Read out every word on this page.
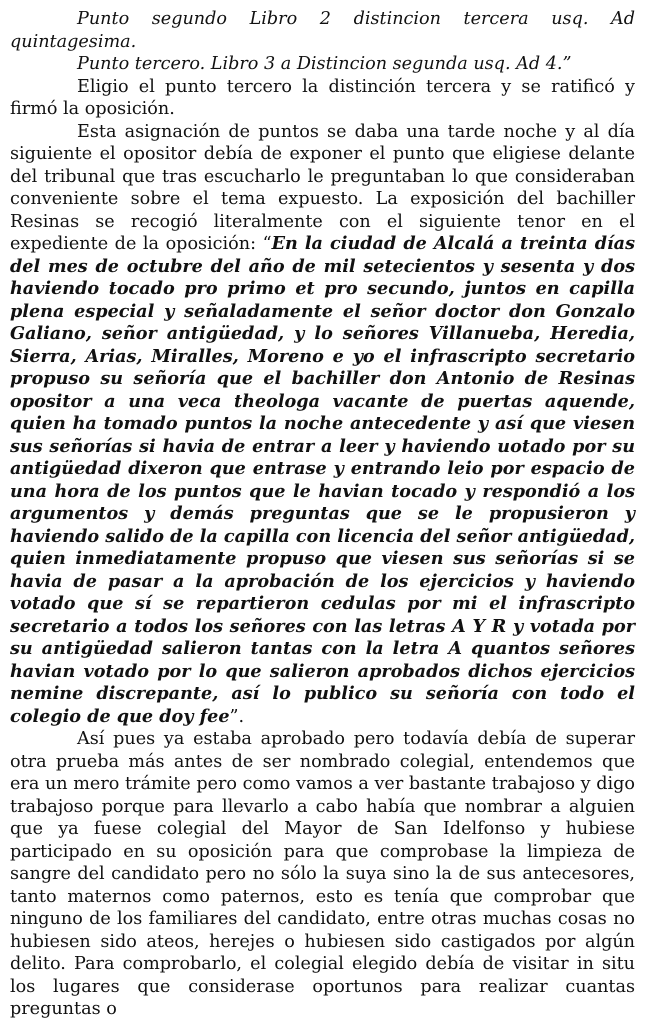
Punto segundo Libro 2 distincion tercera usq. Ad quintagesima.

Punto tercero. Libro 3 a Distincion segunda usq. Ad 4.”

Eligio el punto tercero la distinción tercera y se ratificó y firmó la oposición.

Esta asignación de puntos se daba una tarde noche y al día siguiente el opositor debía de exponer el punto que eligiese delante del tribunal que tras escucharlo le preguntaban lo que consideraban conveniente sobre el tema expuesto. La exposición del bachiller Resinas se recogió literalmente con el siguiente tenor en el expediente de la oposición: “En la ciudad de Alcalá a treinta días del mes de octubre del año de mil setecientos y sesenta y dos haviendo tocado pro primo et pro secundo, juntos en capilla plena especial y señaladamente el señor doctor don Gonzalo Galiano, señor antigüedad, y lo señores Villanueba, Heredia, Sierra, Arias, Miralles, Moreno e yo el infrascripto secretario propuso su señoría que el bachiller don Antonio de Resinas opositor a una veca theologa vacante de puertas aquende, quien ha tomado puntos la noche antecedente y así que viesen sus señorías si havia de entrar a leer y haviendo uotado por su antigüedad dixeron que entrase y entrando leio por espacio de una hora de los puntos que le havian tocado y respondió a los argumentos y demás preguntas que se le propusieron y haviendo salido de la capilla con licencia del señor antigüedad, quien inmediatamente propuso que viesen sus señorías si se havia de pasar a la aprobación de los ejercicios y haviendo votado que sí se repartieron cedulas por mi el infrascripto secretario a todos los señores con las letras A Y R y votada por su antigüedad salieron tantas con la letra A quantos señores havian votado por lo que salieron aprobados dichos ejercicios nemine discrepante, así lo publico su señoría con todo el colegio de que doy fee”.

Así pues ya estaba aprobado pero todavía debía de superar otra prueba más antes de ser nombrado colegial, entendemos que era un mero trámite pero como vamos a ver bastante trabajoso y digo trabajoso porque para llevarlo a cabo había que nombrar a alguien que ya fuese colegial del Mayor de San Idelfonso y hubiese participado en su oposición para que comprobase la limpieza de sangre del candidato pero no sólo la suya sino la de sus antecesores, tanto maternos como paternos, esto es tenía que comprobar que ninguno de los familiares del candidato, entre otras muchas cosas no hubiesen sido ateos, herejes o hubiesen sido castigados por algún delito. Para comprobarlo, el colegial elegido debía de visitar in situ los lugares que considerase oportunos para realizar cuantas preguntas o
